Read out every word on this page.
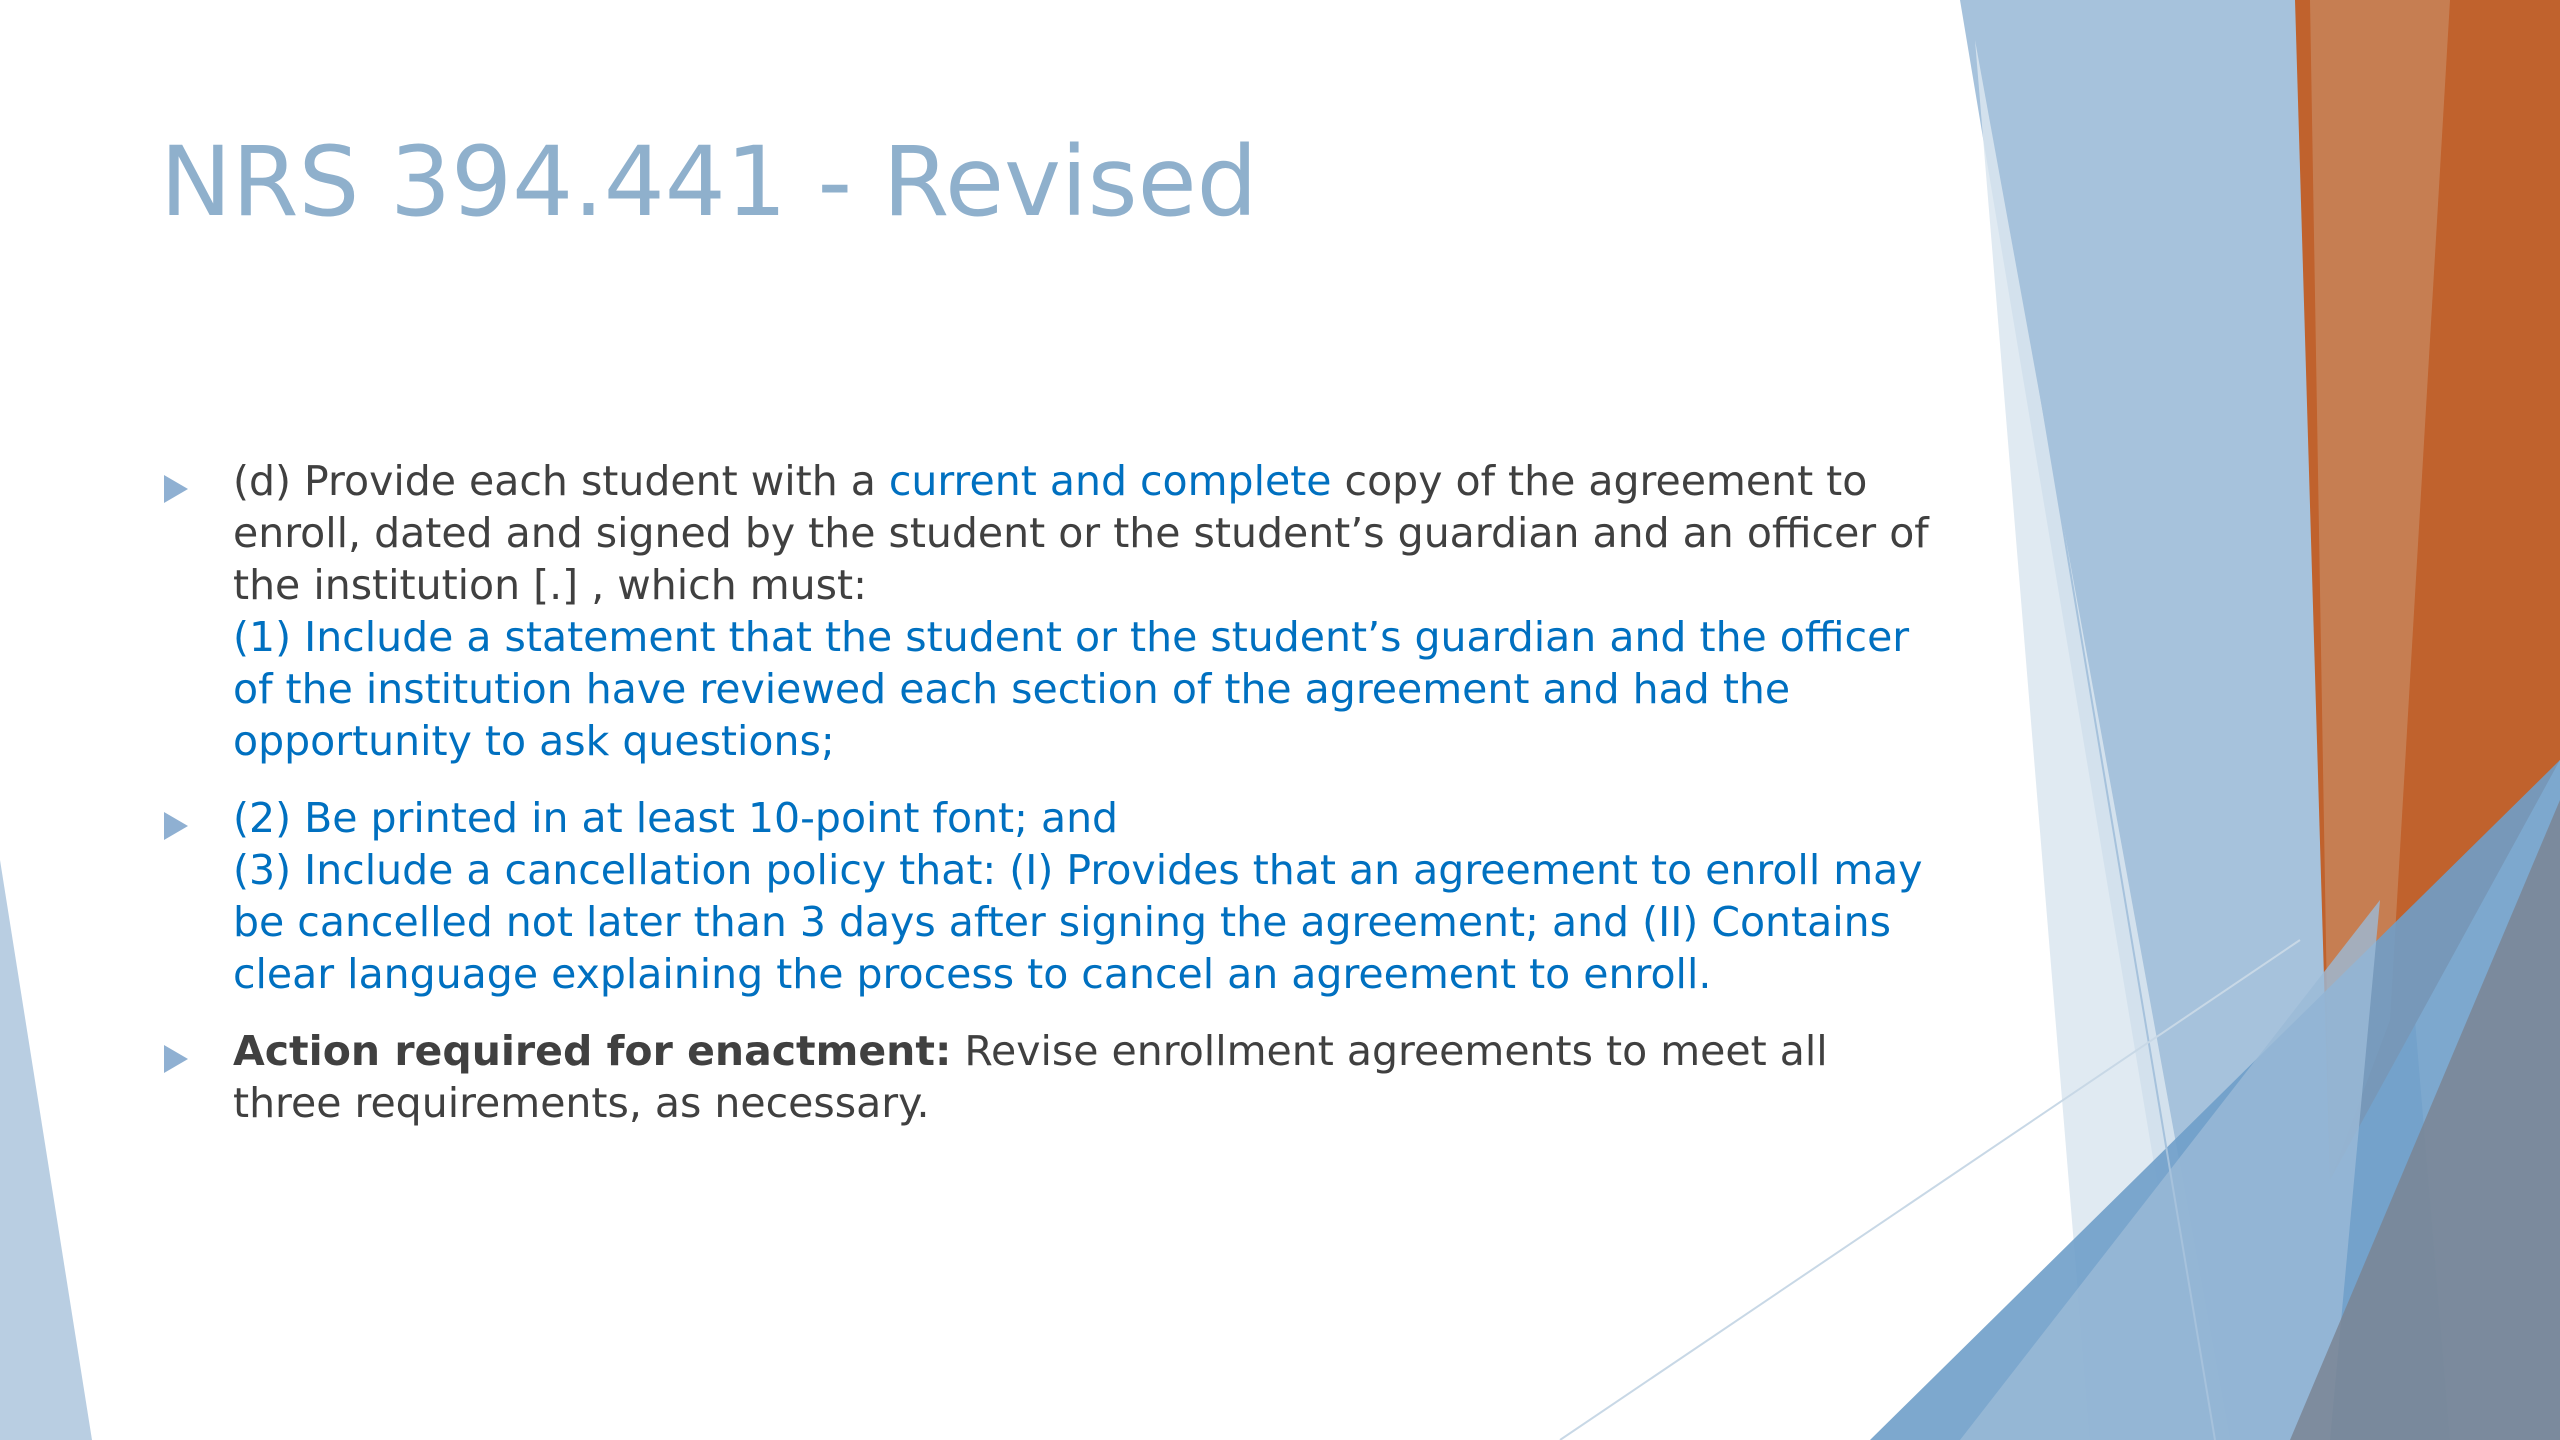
NRS 394.441 - Revised

(d) Provide each student with a current and complete copy of the agreement to enroll, dated and signed by the student or the student’s guardian and an officer of the institution [.] , which must:

(1) Include a statement that the student or the student’s guardian and the officer of the institution have reviewed each section of the agreement and had the opportunity to ask questions;

(2) Be printed in at least 10-point font; and

(3) Include a cancellation policy that: (I) Provides that an agreement to enroll may be cancelled not later than 3 days after signing the agreement; and (II) Contains clear language explaining the process to cancel an agreement to enroll.

Action required for enactment: Revise enrollment agreements to meet all three requirements, as necessary.
